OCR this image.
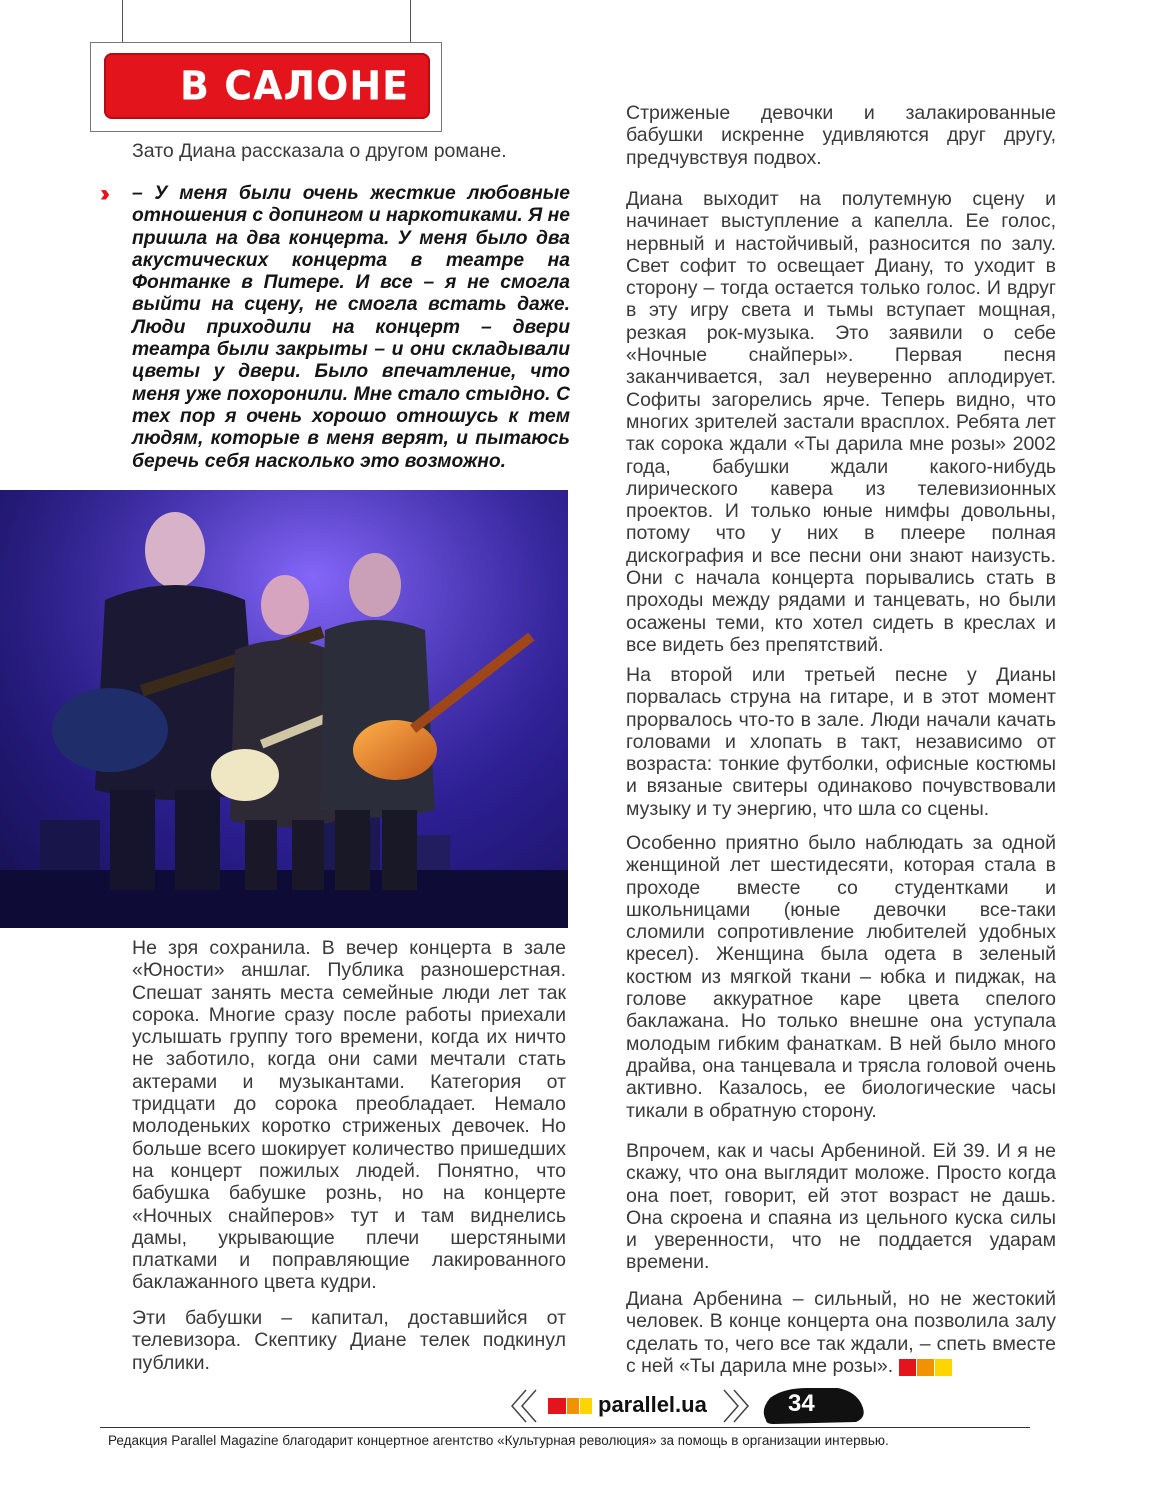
В САЛОНЕ

Зато Диана рассказала о другом романе.

›› – У меня были очень жесткие любовные отношения с допингом и наркотиками. Я не пришла на два концерта. У меня было два акустических концерта в театре на Фонтанке в Питере. И все – я не смогла выйти на сцену, не смогла встать даже. Люди приходили на концерт – двери театра были закрыты – и они складывали цветы у двери. Было впечатление, что меня уже похоронили. Мне стало стыдно. С тех пор я очень хорошо отношусь к тем людям, которые в меня верят, и пытаюсь беречь себя насколько это возможно.

Не зря сохранила. В вечер концерта в зале «Юности» аншлаг. Публика разношерстная. Спешат занять места семейные люди лет так сорока. Многие сразу после работы приехали услышать группу того времени, когда их ничто не заботило, когда они сами мечтали стать актерами и музыкантами. Категория от тридцати до сорока преобладает. Немало молоденьких коротко стриженых девочек. Но больше всего шокирует количество пришедших на концерт пожилых людей. Понятно, что бабушка бабушке рознь, но на концерте «Ночных снайперов» тут и там виднелись дамы, укрывающие плечи шерстяными платками и поправляющие лакированного баклажанного цвета кудри.

Эти бабушки – капитал, доставшийся от телевизора. Скептику Диане телек подкинул публики.

Стриженые девочки и залакированные бабушки искренне удивляются друг другу, предчувствуя подвох.

Диана выходит на полутемную сцену и начинает выступление а капелла. Ее голос, нервный и настойчивый, разносится по залу. Свет софит то освещает Диану, то уходит в сторону – тогда остается только голос. И вдруг в эту игру света и тьмы вступает мощная, резкая рок-музыка. Это заявили о себе «Ночные снайперы». Первая песня заканчивается, зал неуверенно аплодирует. Софиты загорелись ярче. Теперь видно, что многих зрителей застали врасплох. Ребята лет так сорока ждали «Ты дарила мне розы» 2002 года, бабушки ждали какого-нибудь лирического кавера из телевизионных проектов. И только юные нимфы довольны, потому что у них в плеере полная дискография и все песни они знают наизусть. Они с начала концерта порывались стать в проходы между рядами и танцевать, но были осажены теми, кто хотел сидеть в креслах и все видеть без препятствий.

На второй или третьей песне у Дианы порвалась струна на гитаре, и в этот момент прорвалось что-то в зале. Люди начали качать головами и хлопать в такт, независимо от возраста: тонкие футболки, офисные костюмы и вязаные свитеры одинаково почувствовали музыку и ту энергию, что шла со сцены.

Особенно приятно было наблюдать за одной женщиной лет шестидесяти, которая стала в проходе вместе со студентками и школьницами (юные девочки все-таки сломили сопротивление любителей удобных кресел). Женщина была одета в зеленый костюм из мягкой ткани – юбка и пиджак, на голове аккуратное каре цвета спелого баклажана. Но только внешне она уступала молодым гибким фанаткам. В ней было много драйва, она танцевала и трясла головой очень активно. Казалось, ее биологические часы тикали в обратную сторону.

Впрочем, как и часы Арбениной. Ей 39. И я не скажу, что она выглядит моложе. Просто когда она поет, говорит, ей этот возраст не дашь. Она скроена и спаяна из цельного куска силы и уверенности, что не поддается ударам времени.

Диана Арбенина – сильный, но не жестокий человек. В конце концерта она позволила залу сделать то, чего все так ждали, – спеть вместе с ней «Ты дарила мне розы».

parallel.ua	34

Редакция Parallel Magazine благодарит концертное агентство «Культурная революция» за помощь в организации интервью.
